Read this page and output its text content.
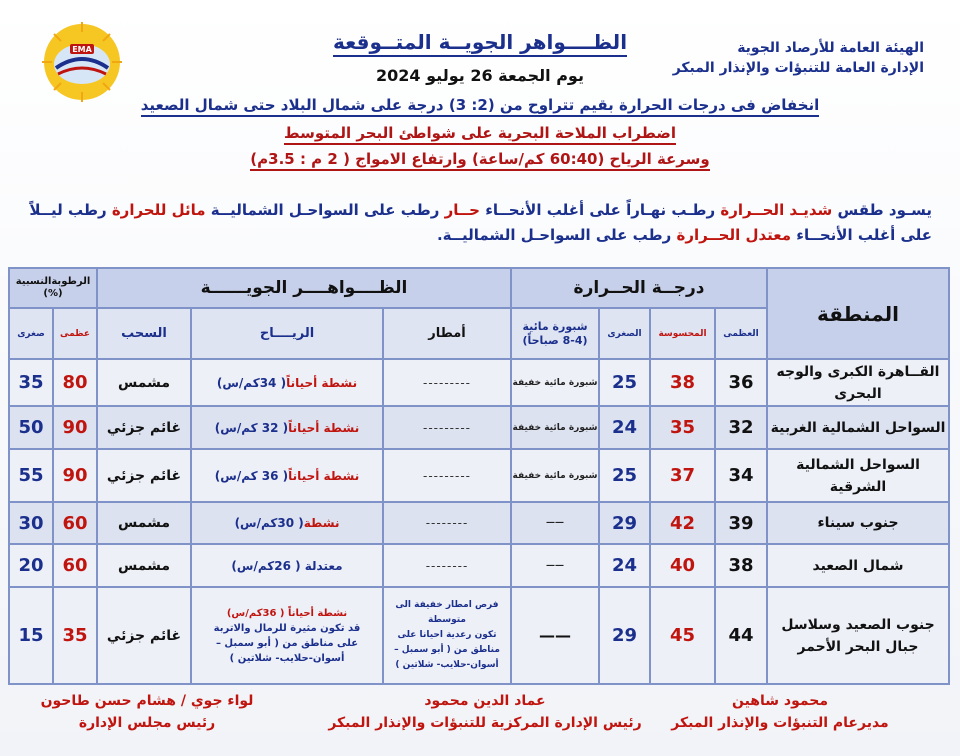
EMA	الهيئة العامة للأرصاد الجوية
الإدارة العامة للتنبؤات والإنذار المبكر
الظــــواهر الجويــة المتــوقعة
يوم الجمعة 26 يوليو 2024
انخفاض فى درجات الحرارة بقيم تتراوح من (2: 3) درجة على شمال البلاد حتى شمال الصعيد
اضطراب الملاحة البحرية على شواطئ البحر المتوسط
وسرعة الرياح (60:40 كم/ساعة) وارتفاع الامواج ( 2 م : 3.5م)
يسـود طقس شديـد الحــرارة رطـب نهـاراً على أغلب الأنحــاء حــار رطب على السواحـل الشماليــة مائل للحرارة رطب ليــلاً على أغلب الأنحــاء معتدل الحــرارة رطب على السواحـل الشماليــة.
المنطقة
درجــة الحــرارة
الظــــواهــــر الجويــــــة
الرطوبةالنسبية (%)
العظمى
المحسوسة
الصغرى
شبورة مائية (4-8 صباحاً)
أمطار
الريــــاح
السحب
عظمى
صغرى
القــاهرة الكبرى والوجه البحرى
36
38
25
شبورة مائية خفيفة
---------
نشطة أحياناً
( 34كم/س)
مشمس
80
35
السواحل الشمالية الغربية
32
35
24
شبورة مائية خفيفة
---------
نشطة أحياناً
( 32 كم/س)
غائم جزئي
90
50
السواحل الشمالية الشرقية
34
37
25
شبورة مائية خفيفة
---------
نشطة أحياناً
( 36 كم/س)
غائم جزئي
90
55
جنوب سيناء
39
42
29
——
--------
نشطة
( 30كم/س)
مشمس
60
30
شمال الصعيد
38
40
24
——
--------
معتدلة ( 26كم/س)
مشمس
60
20
جنوب الصعيد وسلاسل
جبال البحر الأحمر
44
45
29
——
فرص امطار خفيفة الى متوسطة
تكون رعدية احيانا على
مناطق من ( أبو سمبل –
أسوان-حلايب- شلاتين )
نشطة أحياناً ( 36كم/س)
قد تكون مثيرة للرمال والاتربة
على مناطق من ( أبو سمبل –
أسوان-حلايب- شلاتين )
غائم جزئي
35
15
محمود شاهين
مديرعام التنبؤات والإنذار المبكر
عماد الدين محمود
رئيس الإدارة المركزية للتنبؤات والإنذار المبكر
لواء جوي / هشام حسن طاحون
رئيس مجلس الإدارة
